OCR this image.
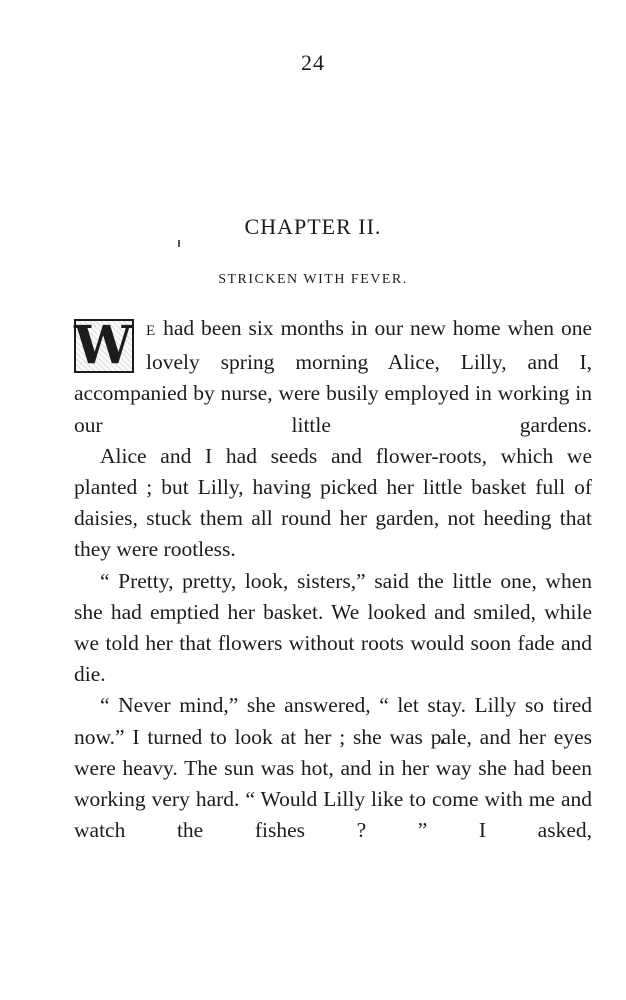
24
CHAPTER II.
STRICKEN WITH FEVER.

W E had been six months in our new home when one lovely spring morning Alice, Lilly, and I, accompanied by nurse, were busily employed in working in our little gardens.

Alice and I had seeds and flower-roots, which we planted ; but Lilly, having picked her little basket full of daisies, stuck them all round her garden, not heeding that they were rootless.

“ Pretty, pretty, look, sisters,” said the little one, when she had emptied her basket. We looked and smiled, while we told her that flowers without roots would soon fade and die.

“ Never mind,” she answered, “ let stay. Lilly so tired now.” I turned to look at her ; she was pale, and her eyes were heavy. The sun was hot, and in her way she had been working very hard. “ Would Lilly like to come with me and watch the fishes ? ” I asked,
